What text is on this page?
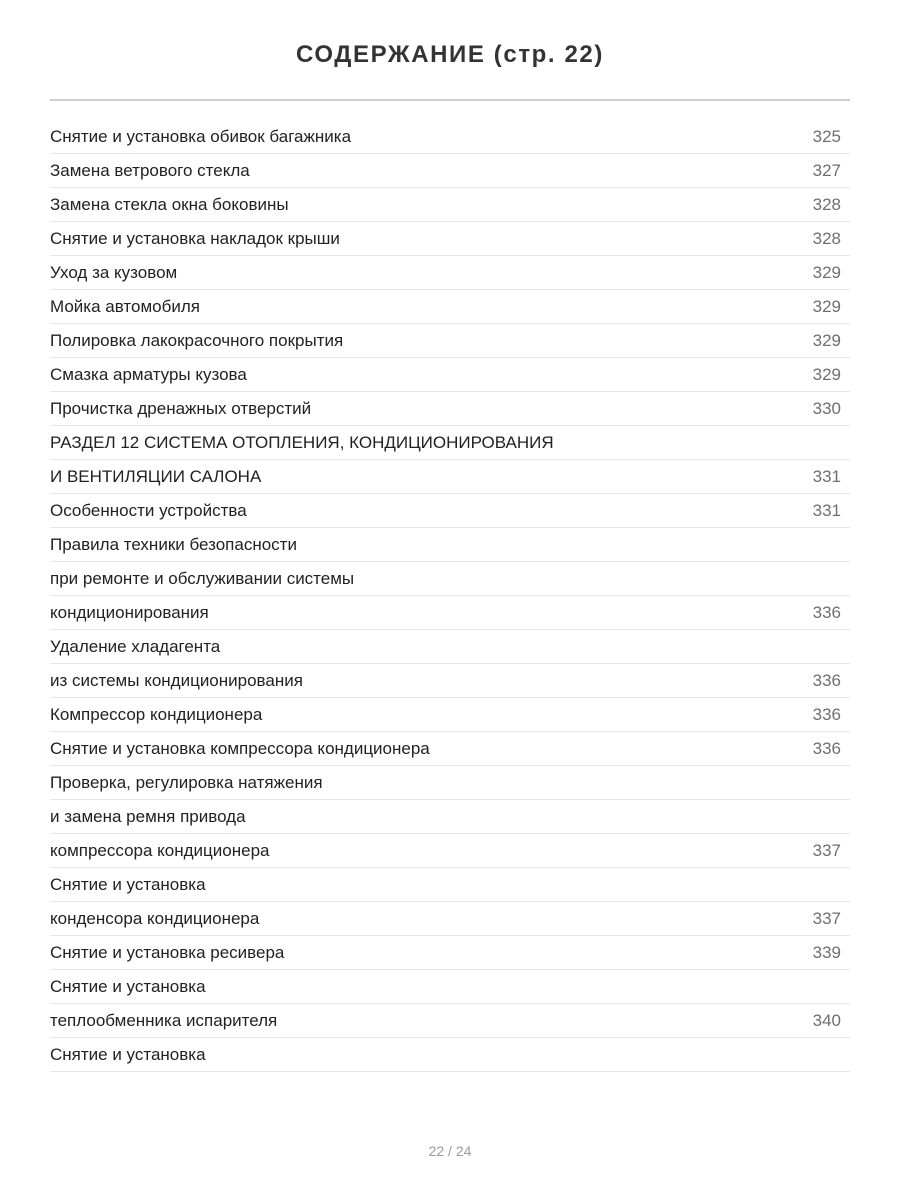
СОДЕРЖАНИЕ (стр. 22)
Снятие и установка обивок багажника	325
Замена ветрового стекла	327
Замена стекла окна боковины	328
Снятие и установка накладок крыши	328
Уход за кузовом	329
Мойка автомобиля	329
Полировка лакокрасочного покрытия	329
Смазка арматуры кузова	329
Прочистка дренажных отверстий	330
РАЗДЕЛ 12 СИСТЕМА ОТОПЛЕНИЯ, КОНДИЦИОНИРОВАНИЯ
И ВЕНТИЛЯЦИИ САЛОНА	331
Особенности устройства	331
Правила техники безопасности
при ремонте и обслуживании системы
кондиционирования	336
Удаление хладагента
из системы кондиционирования	336
Компрессор кондиционера	336
Снятие и установка компрессора кондиционера	336
Проверка, регулировка натяжения
и замена ремня привода
компрессора кондиционера	337
Снятие и установка
конденсора кондиционера	337
Снятие и установка ресивера	339
Снятие и установка
теплообменника испарителя	340
Снятие и установка
22 / 24
